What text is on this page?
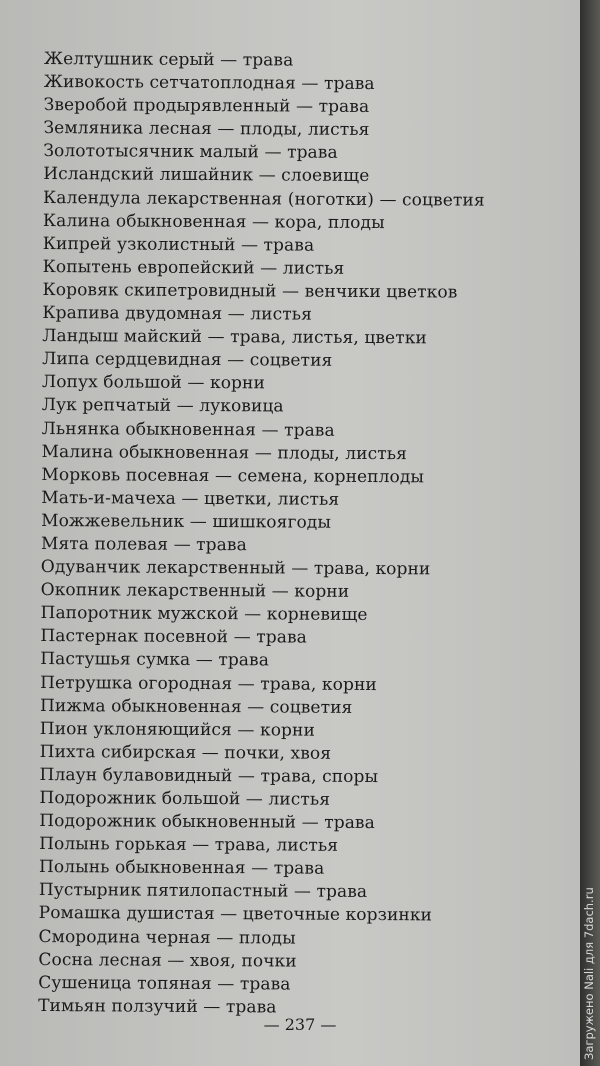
Желтушник серый — трава
Живокость сетчатоплодная — трава
Зверобой продырявленный — трава
Земляника лесная — плоды, листья
Золототысячник малый — трава
Исландский лишайник — слоевище
Календула лекарственная (ноготки) — соцветия
Калина обыкновенная — кора, плоды
Кипрей узколистный — трава
Копытень европейский — листья
Коровяк скипетровидный — венчики цветков
Крапива двудомная — листья
Ландыш майский — трава, листья, цветки
Липа сердцевидная — соцветия
Лопух большой — корни
Лук репчатый — луковица
Льнянка обыкновенная — трава
Малина обыкновенная — плоды, листья
Морковь посевная — семена, корнеплоды
Мать-и-мачеха — цветки, листья
Можжевельник — шишкоягоды
Мята полевая — трава
Одуванчик лекарственный — трава, корни
Окопник лекарственный — корни
Папоротник мужской — корневище
Пастернак посевной — трава
Пастушья сумка — трава
Петрушка огородная — трава, корни
Пижма обыкновенная — соцветия
Пион уклоняющийся — корни
Пихта сибирская — почки, хвоя
Плаун булавовидный — трава, споры
Подорожник большой — листья
Подорожник обыкновенный — трава
Полынь горькая — трава, листья
Полынь обыкновенная — трава
Пустырник пятилопастный — трава
Ромашка душистая — цветочные корзинки
Смородина черная — плоды
Сосна лесная — хвоя, почки
Сушеница топяная — трава
Тимьян ползучий — трава
— 237 —	Загружено Nali для 7dach.ru
